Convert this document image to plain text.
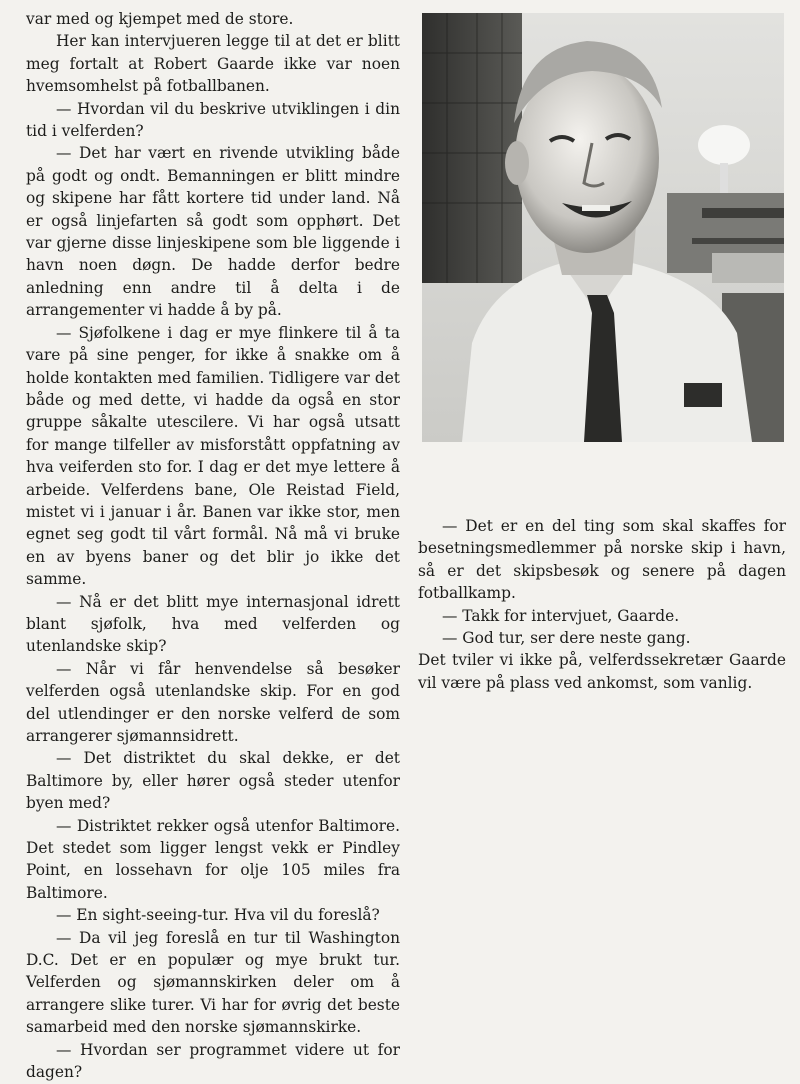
var med og kjempet med de store.

Her kan intervjueren legge til at det er blitt meg fortalt at Robert Gaarde ikke var noen hvemsomhelst på fotballbanen.

— Hvordan vil du beskrive utviklingen i din tid i velferden?

— Det har vært en rivende utvikling både på godt og ondt. Bemanningen er blitt mindre og skipene har fått kortere tid under land. Nå er også linjefarten så godt som opphørt. Det var gjerne disse linjeskipene som ble liggende i havn noen døgn. De hadde derfor bedre anledning enn andre til å delta i de arrangementer vi hadde å by på.

— Sjøfolkene i dag er mye flinkere til å ta vare på sine penger, for ikke å snakke om å holde kontakten med familien. Tidligere var det både og med dette, vi hadde da også en stor gruppe såkalte utescilere. Vi har også utsatt for mange tilfeller av misforstått oppfatning av hva veiferden sto for. I dag er det mye lettere å arbeide. Velferdens bane, Ole Reistad Field, mistet vi i januar i år. Banen var ikke stor, men egnet seg godt til vårt formål. Nå må vi bruke en av byens baner og det blir jo ikke det samme.

— Nå er det blitt mye internasjonal idrett blant sjøfolk, hva med velferden og utenlandske skip?

— Når vi får henvendelse så besøker velferden også utenlandske skip. For en god del utlendinger er den norske velferd de som arrangerer sjømannsidrett.

— Det distriktet du skal dekke, er det Baltimore by, eller hører også steder utenfor byen med?

— Distriktet rekker også utenfor Baltimore. Det stedet som ligger lengst vekk er Pindley Point, en lossehavn for olje 105 miles fra Baltimore.

— En sight-seeing-tur. Hva vil du foreslå?

— Da vil jeg foreslå en tur til Washington D.C. Det er en populær og mye brukt tur. Velferden og sjømannskirken deler om å arrangere slike turer. Vi har for øvrig det beste samarbeid med den norske sjømannskirke.

— Hvordan ser programmet videre ut for dagen?

— Det er en del ting som skal skaffes for besetningsmedlemmer på norske skip i havn, så er det skipsbesøk og senere på dagen fotballkamp.

— Takk for intervjuet, Gaarde.

— God tur, ser dere neste gang.

Det tviler vi ikke på, velferdssekretær Gaarde vil være på plass ved ankomst, som vanlig.
